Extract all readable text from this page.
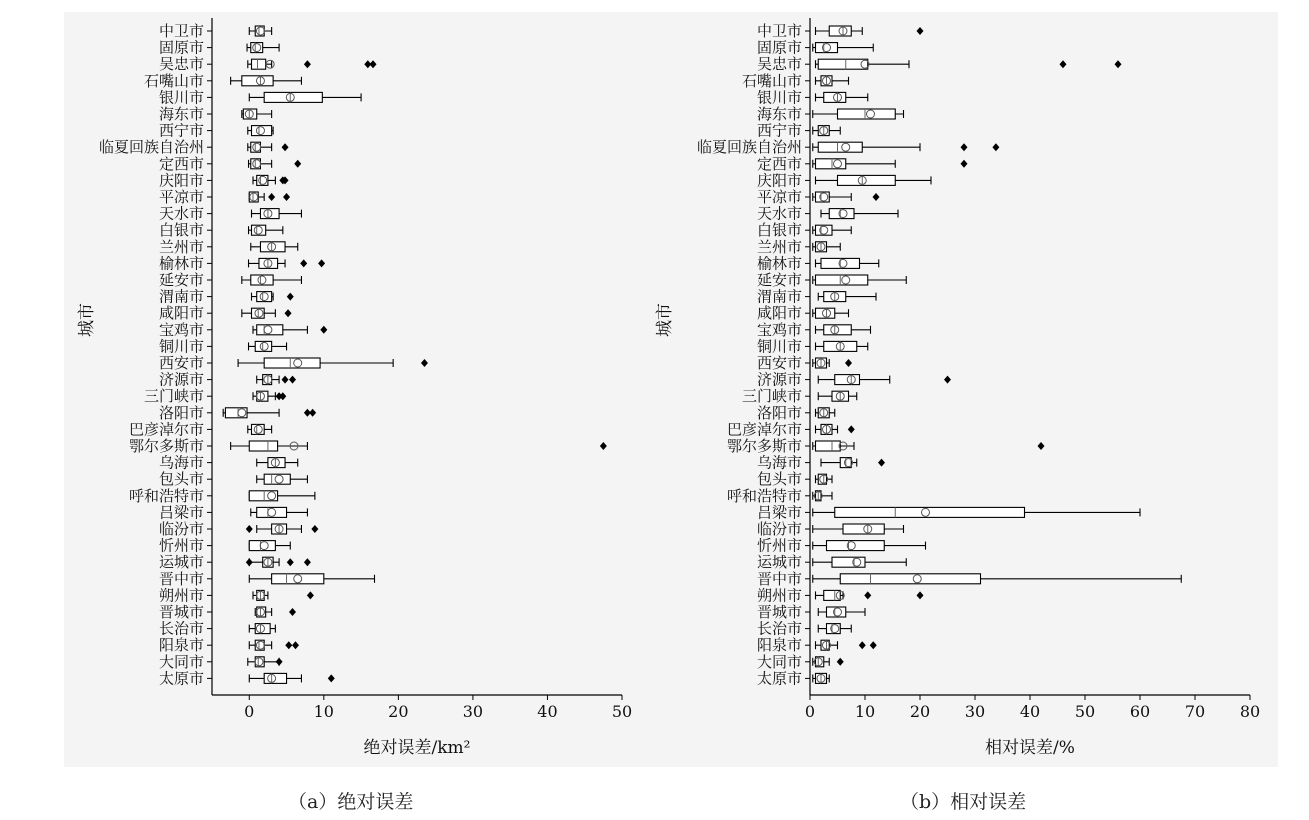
0	10	20	30	40	50
绝对误差/km²
城市
中卫市
固原市
吴忠市
石嘴山市
银川市
海东市
西宁市
临夏回族自治州
定西市
庆阳市
平凉市
天水市
白银市
兰州市
榆林市
延安市
渭南市
咸阳市
宝鸡市
铜川市
西安市
济源市
三门峡市
洛阳市
巴彦淖尔市
鄂尔多斯市
乌海市
包头市
呼和浩特市
吕梁市
临汾市
忻州市
运城市
晋中市
朔州市
晋城市
长治市
阳泉市
大同市
太原市
0 10 20 30 40 50 60 70 80
相对误差/%
城市
中卫市
固原市
吴忠市
石嘴山市
银川市
海东市
西宁市
临夏回族自治州
定西市
庆阳市
平凉市
天水市
白银市
兰州市
榆林市
延安市
渭南市
咸阳市
宝鸡市
铜川市
西安市
济源市
三门峡市
洛阳市
巴彦淖尔市
鄂尔多斯市
乌海市
包头市
呼和浩特市
吕梁市
临汾市
忻州市
运城市
晋中市
朔州市
晋城市
长治市
阳泉市
大同市
太原市
（a）绝对误差	（b）相对误差
